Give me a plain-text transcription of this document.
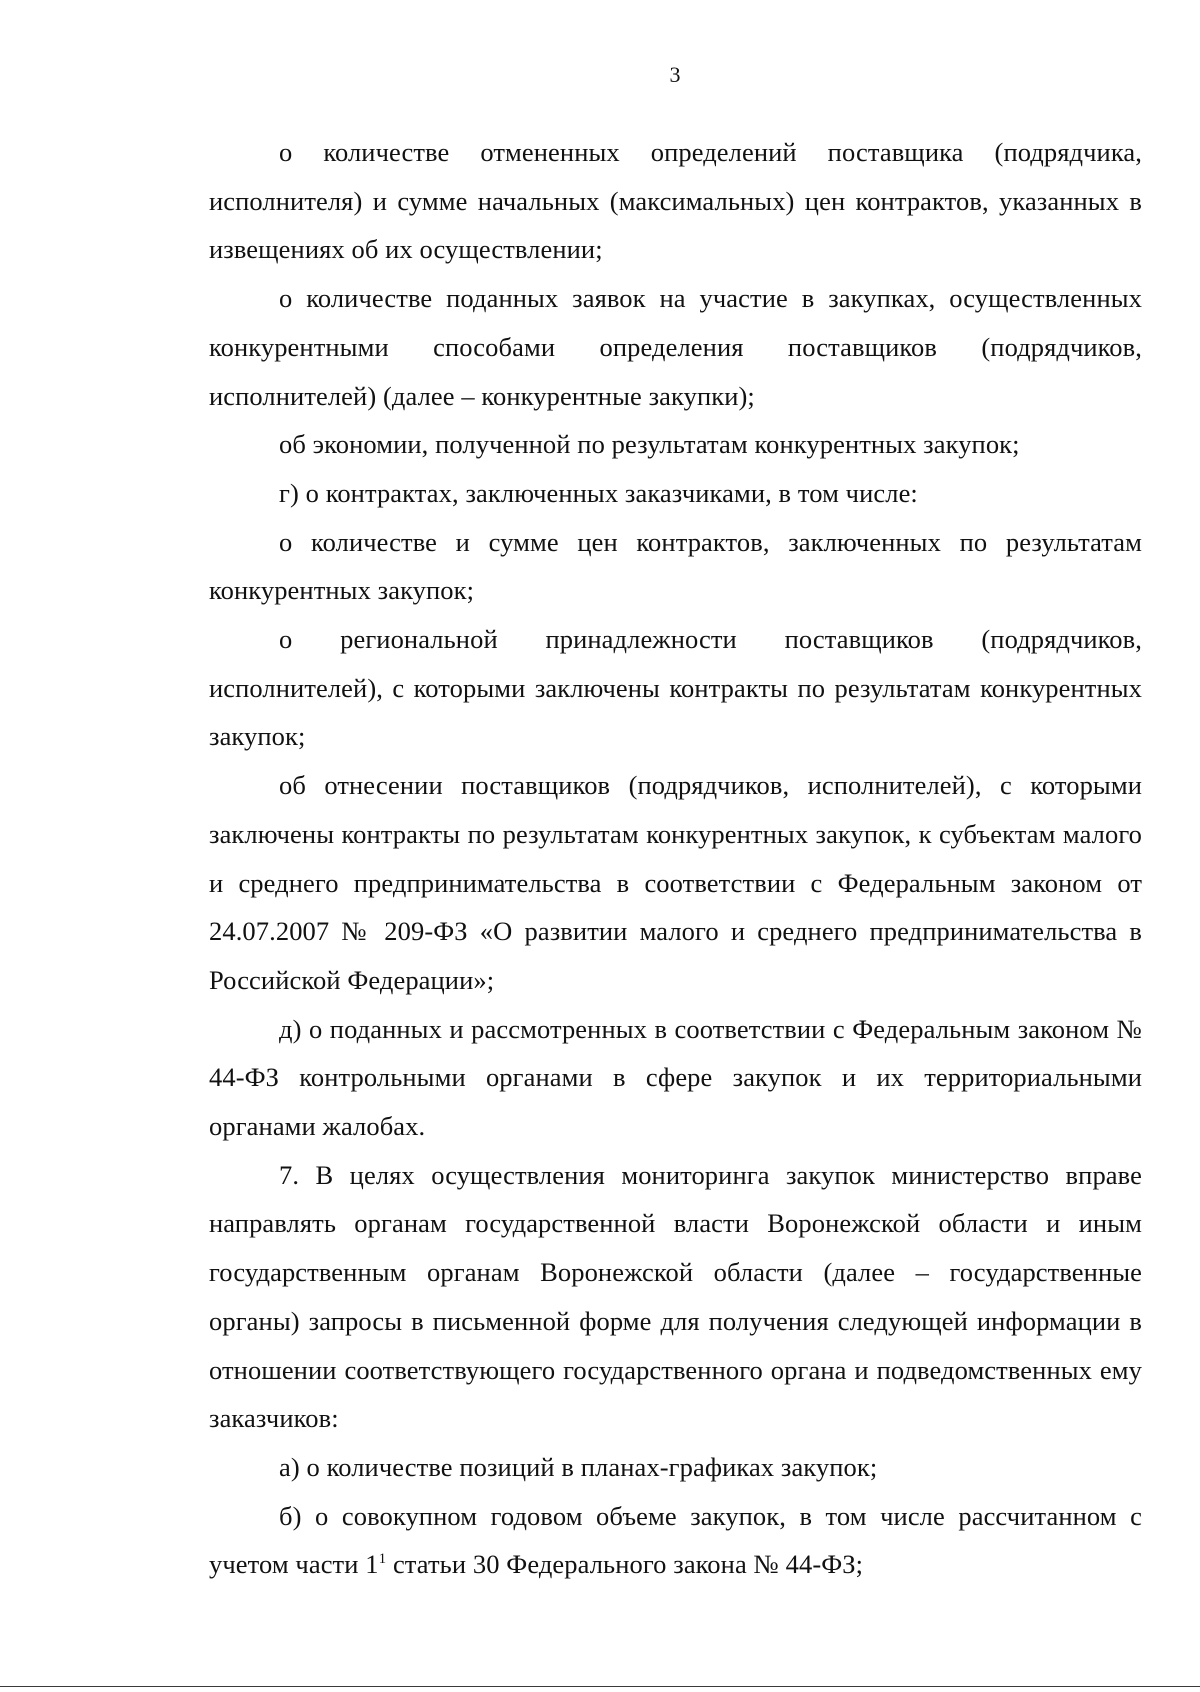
3

о количестве отмененных определений поставщика (подрядчика, исполнителя) и сумме начальных (максимальных) цен контрактов, указанных в извещениях об их осуществлении;

о количестве поданных заявок на участие в закупках, осуществленных конкурентными способами определения поставщиков (подрядчиков, исполнителей) (далее – конкурентные закупки);

об экономии, полученной по результатам конкурентных закупок;

г) о контрактах, заключенных заказчиками, в том числе:

о количестве и сумме цен контрактов, заключенных по результатам конкурентных закупок;

о региональной принадлежности поставщиков (подрядчиков, исполнителей), с которыми заключены контракты по результатам конкурентных закупок;

об отнесении поставщиков (подрядчиков, исполнителей), с которыми заключены контракты по результатам конкурентных закупок, к субъектам малого и среднего предпринимательства в соответствии с Федеральным законом от 24.07.2007 № 209-ФЗ «О развитии малого и среднего предпринимательства в Российской Федерации»;

д) о поданных и рассмотренных в соответствии с Федеральным законом № 44-ФЗ контрольными органами в сфере закупок и их территориальными органами жалобах.

7. В целях осуществления мониторинга закупок министерство вправе направлять органам государственной власти Воронежской области и иным государственным органам Воронежской области (далее – государственные органы) запросы в письменной форме для получения следующей информации в отношении соответствующего государственного органа и подведомственных ему заказчиков:

а) о количестве позиций в планах-графиках закупок;

б) о совокупном годовом объеме закупок, в том числе рассчитанном с учетом части $1^1$ статьи 30 Федерального закона № 44-ФЗ;
